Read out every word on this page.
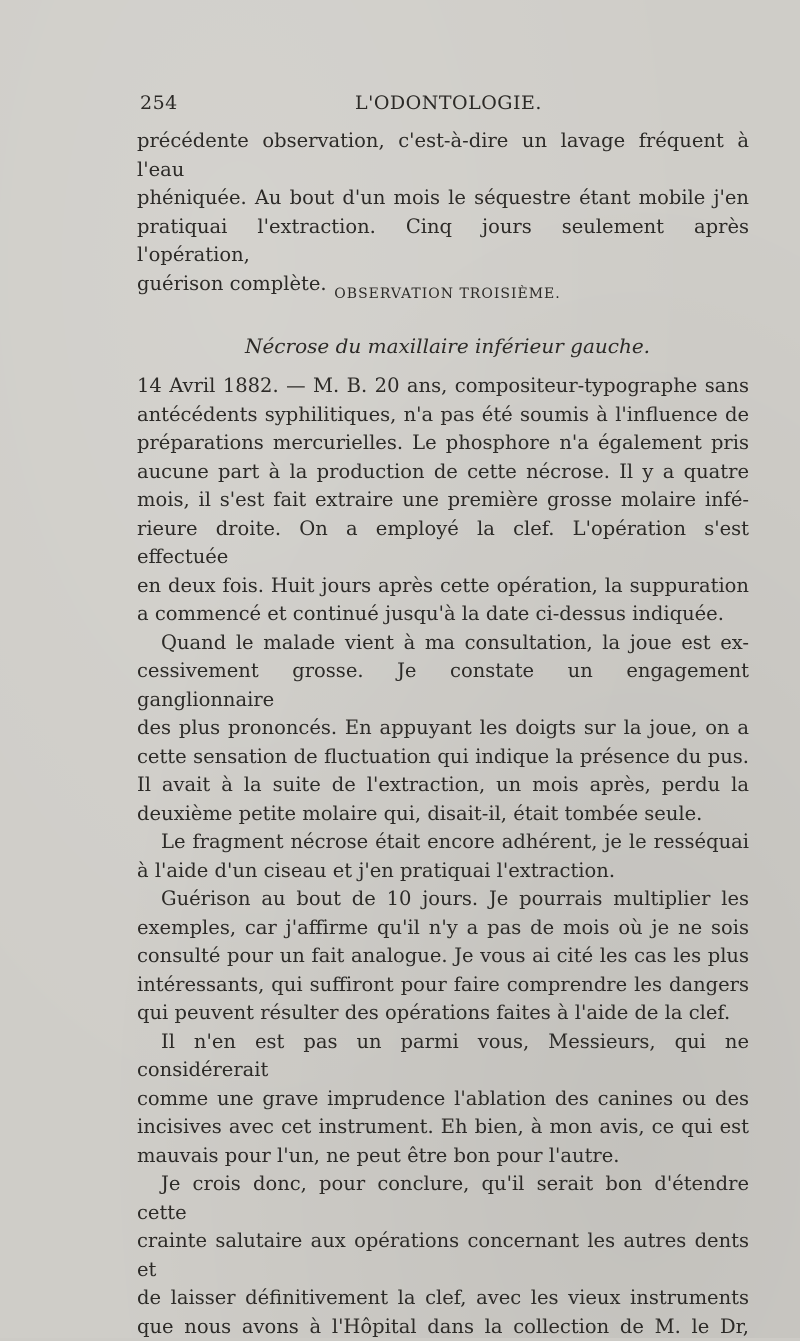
254	L'ODONTOLOGIE.

précédente observation, c'est-à-dire un lavage fréquent à l'eau
phéniquée. Au bout d'un mois le séquestre étant mobile j'en
pratiquai l'extraction. Cinq jours seulement après l'opération,

guérison complète. OBSERVATION TROISIÈME.
Nécrose du maxillaire inférieur gauche.

14 Avril 1882. — M. B. 20 ans, compositeur-typographe sans
antécédents syphilitiques, n'a pas été soumis à l'influence de
préparations mercurielles. Le phosphore n'a également pris
aucune part à la production de cette nécrose. Il y a quatre
mois, il s'est fait extraire une première grosse molaire infé-
rieure droite. On a employé la clef. L'opération s'est effectuée
en deux fois. Huit jours après cette opération, la suppuration

a commencé et continué jusqu'à la date ci-dessus indiquée.

Quand le malade vient à ma consultation, la joue est ex-
cessivement grosse. Je constate un engagement ganglionnaire
des plus prononcés. En appuyant les doigts sur la joue, on a
cette sensation de fluctuation qui indique la présence du pus.
Il avait à la suite de l'extraction, un mois après, perdu la

deuxième petite molaire qui, disait-il, était tombée seule.

Le fragment nécrose était encore adhérent, je le resséquai

à l'aide d'un ciseau et j'en pratiquai l'extraction.

Guérison au bout de 10 jours. Je pourrais multiplier les
exemples, car j'affirme qu'il n'y a pas de mois où je ne sois
consulté pour un fait analogue. Je vous ai cité les cas les plus
intéressants, qui suffiront pour faire comprendre les dangers

qui peuvent résulter des opérations faites à l'aide de la clef.

Il n'en est pas un parmi vous, Messieurs, qui ne considérerait
comme une grave imprudence l'ablation des canines ou des
incisives avec cet instrument. Eh bien, à mon avis, ce qui est

mauvais pour l'un, ne peut être bon pour l'autre.

Je crois donc, pour conclure, qu'il serait bon d'étendre cette
crainte salutaire aux opérations concernant les autres dents et
de laisser définitivement la clef, avec les vieux instruments

que nous avons à l'Hôpital dans la collection de M. le Dr,
